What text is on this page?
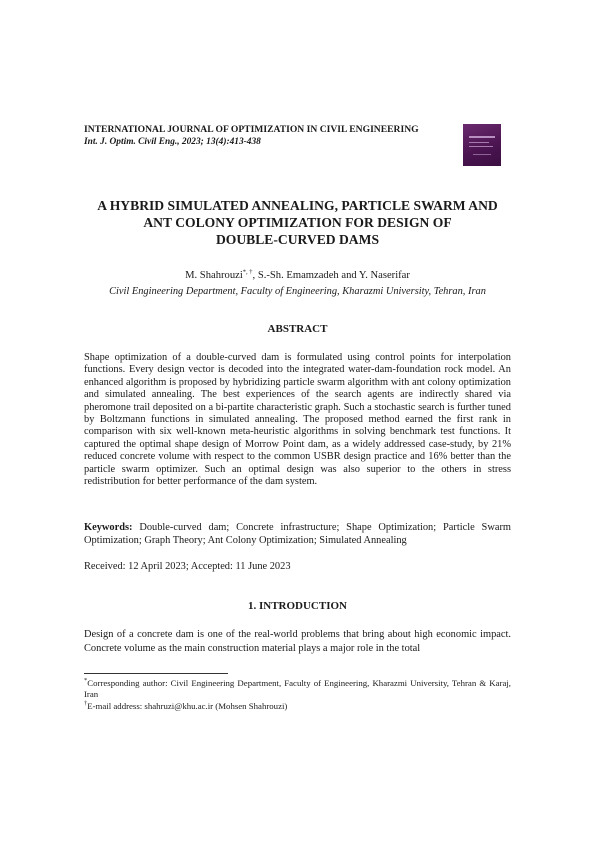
INTERNATIONAL JOURNAL OF OPTIMIZATION IN CIVIL ENGINEERING
Int. J. Optim. Civil Eng., 2023; 13(4):413-438
A HYBRID SIMULATED ANNEALING, PARTICLE SWARM AND
ANT COLONY OPTIMIZATION FOR DESIGN OF
DOUBLE-CURVED DAMS
M. Shahrouzi*, †, S.-Sh. Emamzadeh and Y. Naserifar
Civil Engineering Department, Faculty of Engineering, Kharazmi University, Tehran, Iran
ABSTRACT
Shape optimization of a double-curved dam is formulated using control points for interpolation functions. Every design vector is decoded into the integrated water-dam-foundation rock model. An enhanced algorithm is proposed by hybridizing particle swarm algorithm with ant colony optimization and simulated annealing. The best experiences of the search agents are indirectly shared via pheromone trail deposited on a bi-partite characteristic graph. Such a stochastic search is further tuned by Boltzmann functions in simulated annealing. The proposed method earned the first rank in comparison with six well-known meta-heuristic algorithms in solving benchmark test functions. It captured the optimal shape design of Morrow Point dam, as a widely addressed case-study, by 21% reduced concrete volume with respect to the common USBR design practice and 16% better than the particle swarm optimizer. Such an optimal design was also superior to the others in stress redistribution for better performance of the dam system.
Keywords: Double-curved dam; Concrete infrastructure; Shape Optimization; Particle Swarm Optimization; Graph Theory; Ant Colony Optimization; Simulated Annealing
Received: 12 April 2023; Accepted: 11 June 2023
1. INTRODUCTION
Design of a concrete dam is one of the real-world problems that bring about high economic impact. Concrete volume as the main construction material plays a major role in the total

*Corresponding author: Civil Engineering Department, Faculty of Engineering, Kharazmi University, Tehran & Karaj, Iran

†E-mail address: shahruzi@khu.ac.ir (Mohsen Shahrouzi)
